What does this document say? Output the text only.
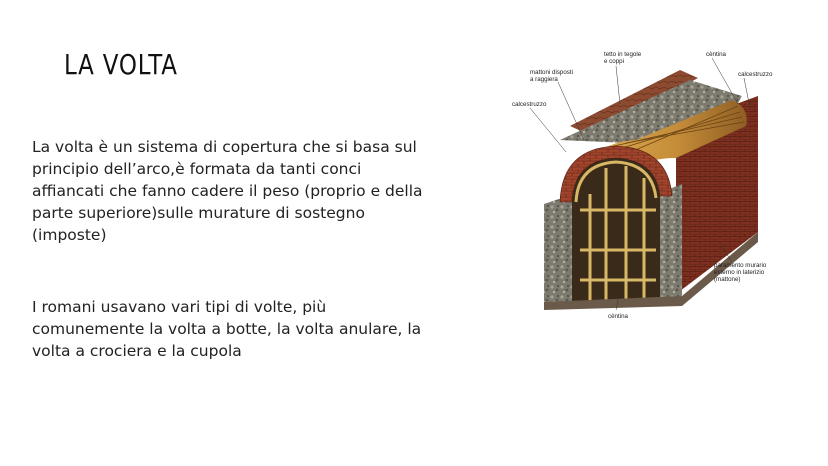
LA VOLTA

La volta è un sistema di copertura che si basa sul principio dell’arco,è formata da tanti conci affiancati che fanno cadere il peso (proprio e della parte superiore)sulle murature di sostegno (imposte)

I romani usavano vari tipi di volte, più comunemente la volta a botte, la volta anulare, la volta a crociera e la cupola

tetto in tegole
e coppi
mattoni disposti
a raggiera
cèntina
calcestruzzo
calcestruzzo
paramento murario
esterno in laterizio
(mattone)
cèntina
